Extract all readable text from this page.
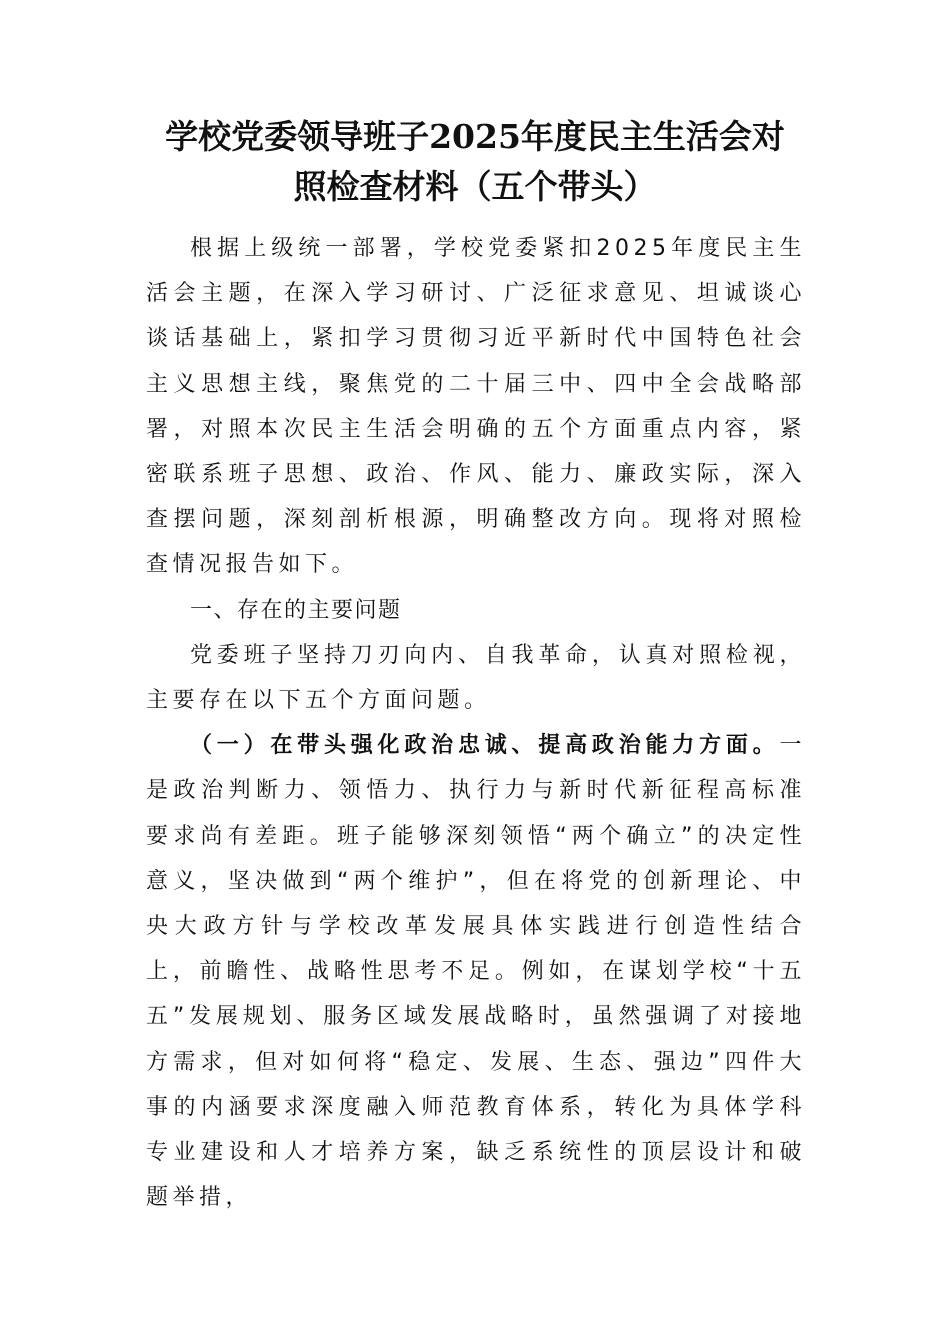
学校党委领导班子2025年度民主生活会对
照检查材料（五个带头）

根据上级统一部署，学校党委紧扣2025年度民主生活会主题，在深入学习研讨、广泛征求意见、坦诚谈心谈话基础上，紧扣学习贯彻习近平新时代中国特色社会主义思想主线，聚焦党的二十届三中、四中全会战略部署，对照本次民主生活会明确的五个方面重点内容，紧密联系班子思想、政治、作风、能力、廉政实际，深入查摆问题，深刻剖析根源，明确整改方向。现将对照检查情况报告如下。

一、存在的主要问题

党委班子坚持刀刃向内、自我革命，认真对照检视，主要存在以下五个方面问题。

（一）在带头强化政治忠诚、提高政治能力方面。一是政治判断力、领悟力、执行力与新时代新征程高标准要求尚有差距。班子能够深刻领悟“两个确立”的决定性意义，坚决做到“两个维护”，但在将党的创新理论、中央大政方针与学校改革发展具体实践进行创造性结合上，前瞻性、战略性思考不足。例如，在谋划学校“十五五”发展规划、服务区域发展战略时，虽然强调了对接地方需求，但对如何将“稳定、发展、生态、强边”四件大事的内涵要求深度融入师范教育体系，转化为具体学科专业建设和人才培养方案，缺乏系统性的顶层设计和破题举措，
